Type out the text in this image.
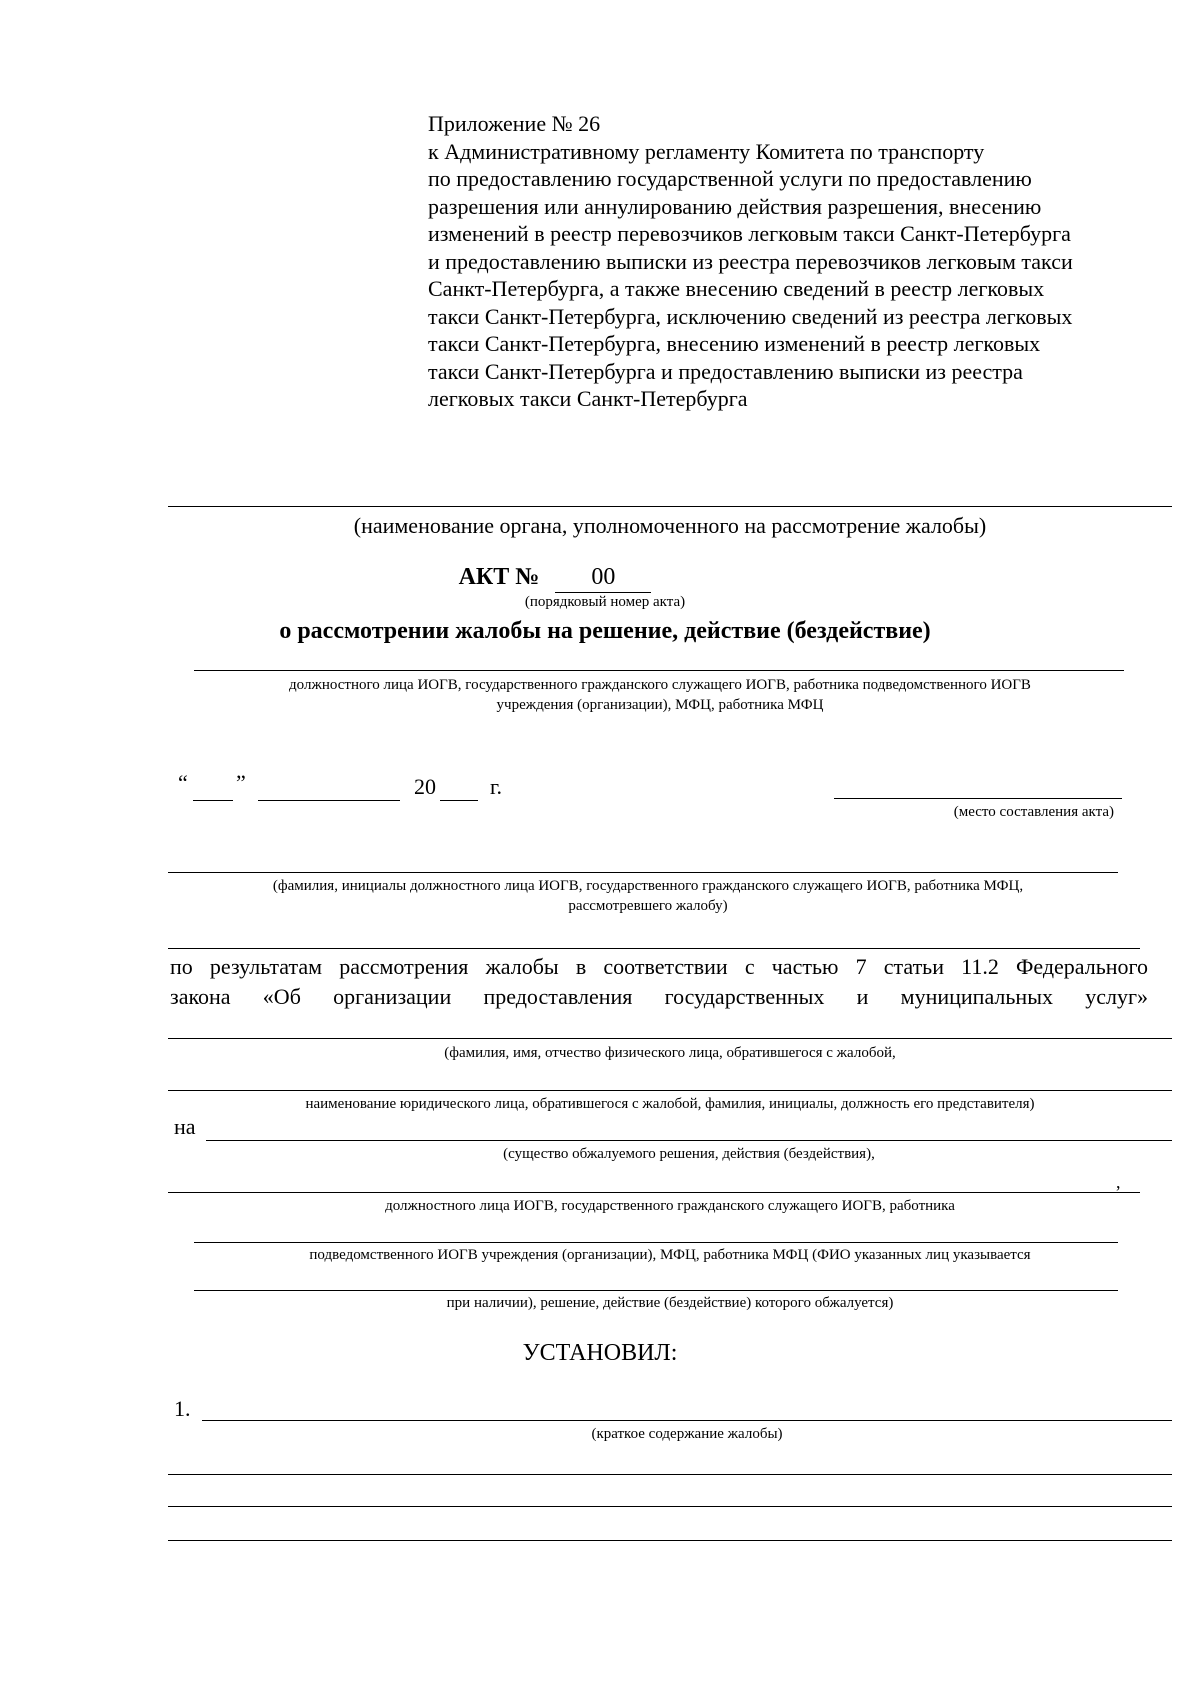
Приложение № 26
к Административному регламенту Комитета по транспорту
по предоставлению государственной услуги по предоставлению
разрешения или аннулированию действия разрешения, внесению
изменений в реестр перевозчиков легковым такси Санкт-Петербурга
и предоставлению выписки из реестра перевозчиков легковым такси
Санкт-Петербурга, а также внесению сведений в реестр легковых
такси Санкт-Петербурга, исключению сведений из реестра легковых
такси Санкт-Петербурга, внесению изменений в реестр легковых
такси Санкт-Петербурга и предоставлению выписки из реестра
легковых такси Санкт-Петербурга
(наименование органа, уполномоченного на рассмотрение жалобы)
АКТ № 00
(порядковый номер акта)
о рассмотрении жалобы на решение, действие (бездействие)
должностного лица ИОГВ, государственного гражданского служащего ИОГВ, работника подведомственного ИОГВ
учреждения (организации), МФЦ, работника МФЦ
“ ”	20 г.
(место составления акта)
(фамилия, инициалы должностного лица ИОГВ, государственного гражданского служащего ИОГВ, работника МФЦ,
рассмотревшего жалобу)
по результатам рассмотрения жалобы в соответствии с частью 7 статьи 11.2 Федерального
закона «Об организации предоставления государственных и муниципальных услуг»
(фамилия, имя, отчество физического лица, обратившегося с жалобой,
наименование юридического лица, обратившегося с жалобой, фамилия, инициалы, должность его представителя)
на
(существо обжалуемого решения, действия (бездействия),
,
должностного лица ИОГВ, государственного гражданского служащего ИОГВ, работника
подведомственного ИОГВ учреждения (организации), МФЦ, работника МФЦ (ФИО указанных лиц указывается
при наличии), решение, действие (бездействие) которого обжалуется)
УСТАНОВИЛ:
1.
(краткое содержание жалобы)
